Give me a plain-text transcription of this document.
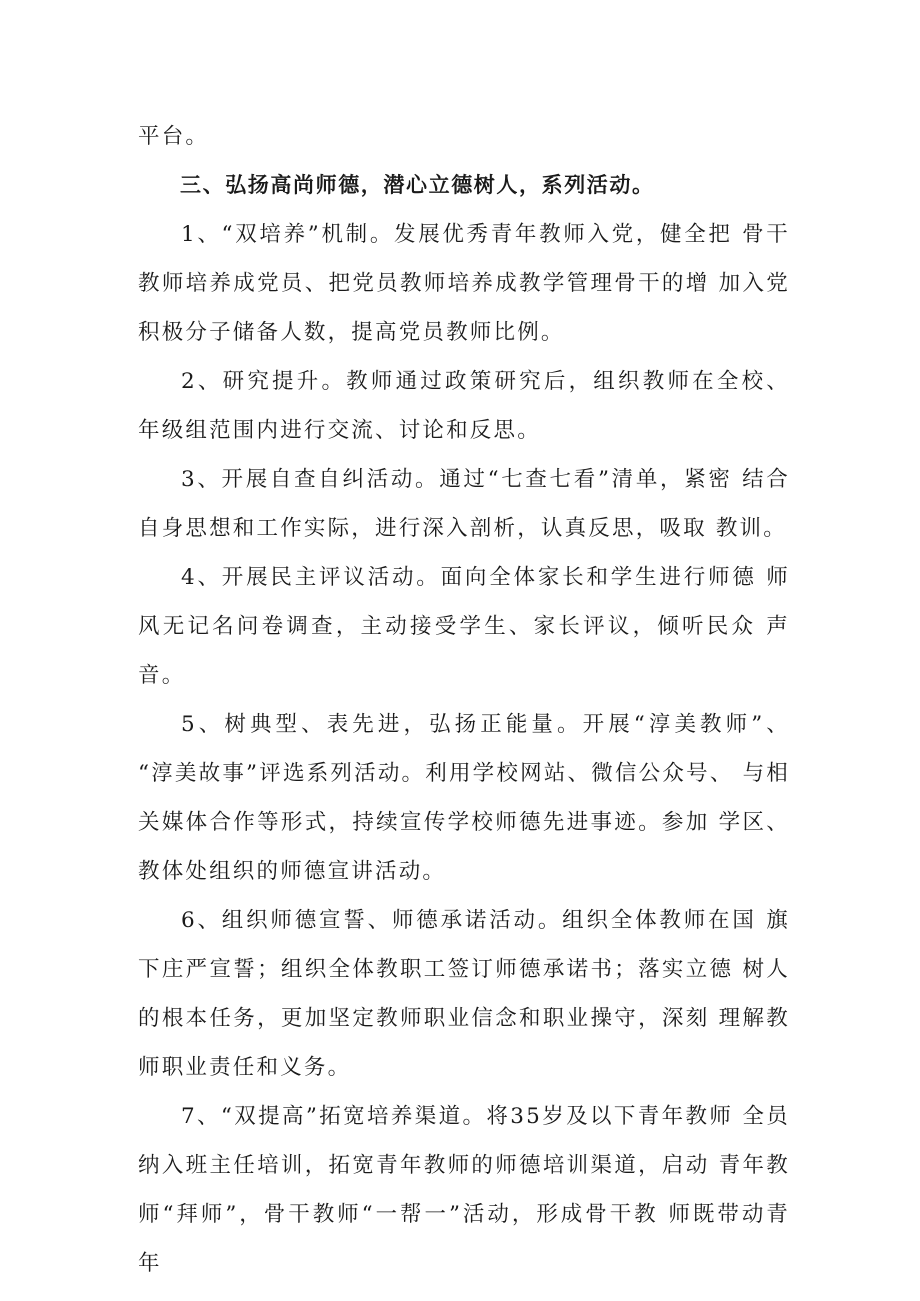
平台。

三、弘扬高尚师德，潜心立德树人，系列活动。

1、“双培养”机制。发展优秀青年教师入党，健全把 骨干教师培养成党员、把党员教师培养成教学管理骨干的增 加入党积极分子储备人数，提高党员教师比例。

2、研究提升。教师通过政策研究后，组织教师在全校、 年级组范围内进行交流、讨论和反思。

3、开展自查自纠活动。通过“七查七看”清单，紧密 结合自身思想和工作实际，进行深入剖析，认真反思，吸取 教训。

4、开展民主评议活动。面向全体家长和学生进行师德 师风无记名问卷调查，主动接受学生、家长评议，倾听民众 声音。

5、树典型、表先进，弘扬正能量。开展“淳美教师”、 “淳美故事”评选系列活动。利用学校网站、微信公众号、 与相关媒体合作等形式，持续宣传学校师德先进事迹。参加 学区、教体处组织的师德宣讲活动。

6、组织师德宣誓、师德承诺活动。组织全体教师在国 旗下庄严宣誓；组织全体教职工签订师德承诺书；落实立德 树人的根本任务，更加坚定教师职业信念和职业操守，深刻 理解教师职业责任和义务。

7、“双提高”拓宽培养渠道。将35岁及以下青年教师 全员纳入班主任培训，拓宽青年教师的师德培训渠道，启动 青年教师“拜师”，骨干教师“一帮一”活动，形成骨干教 师既带动青年
